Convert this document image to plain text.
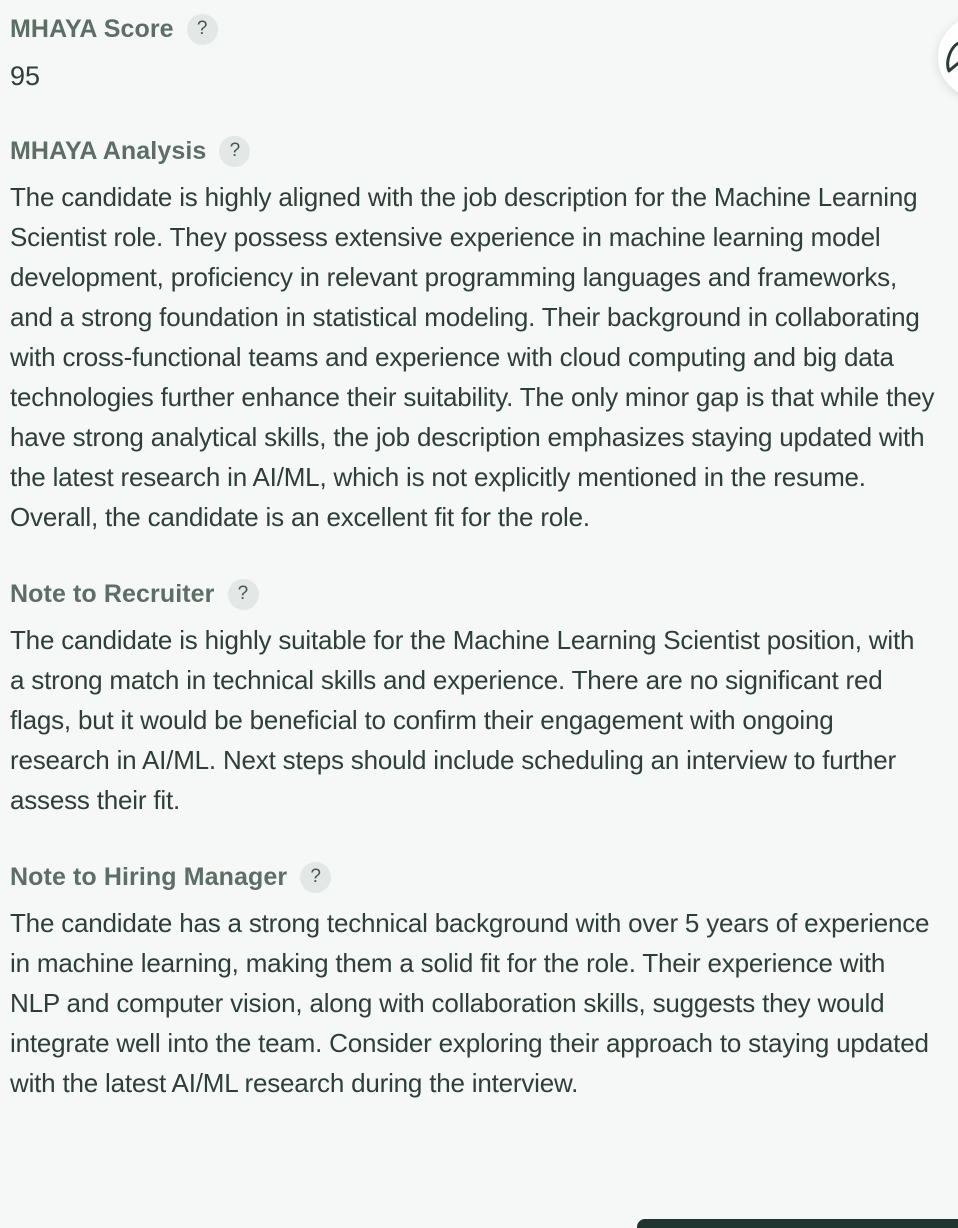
MHAYA Score	?

95

MHAYA Analysis	?

The candidate is highly aligned with the job description for the Machine Learning Scientist role. They possess extensive experience in machine learning model development, proficiency in relevant programming languages and frameworks, and a strong foundation in statistical modeling. Their background in collaborating with cross-functional teams and experience with cloud computing and big data technologies further enhance their suitability. The only minor gap is that while they have strong analytical skills, the job description emphasizes staying updated with the latest research in AI/ML, which is not explicitly mentioned in the resume. Overall, the candidate is an excellent fit for the role.

Note to Recruiter	?

The candidate is highly suitable for the Machine Learning Scientist position, with a strong match in technical skills and experience. There are no significant red flags, but it would be beneficial to confirm their engagement with ongoing research in AI/ML. Next steps should include scheduling an interview to further assess their fit.

Note to Hiring Manager	?

The candidate has a strong technical background with over 5 years of experience in machine learning, making them a solid fit for the role. Their experience with NLP and computer vision, along with collaboration skills, suggests they would integrate well into the team. Consider exploring their approach to staying updated with the latest AI/ML research during the interview.
